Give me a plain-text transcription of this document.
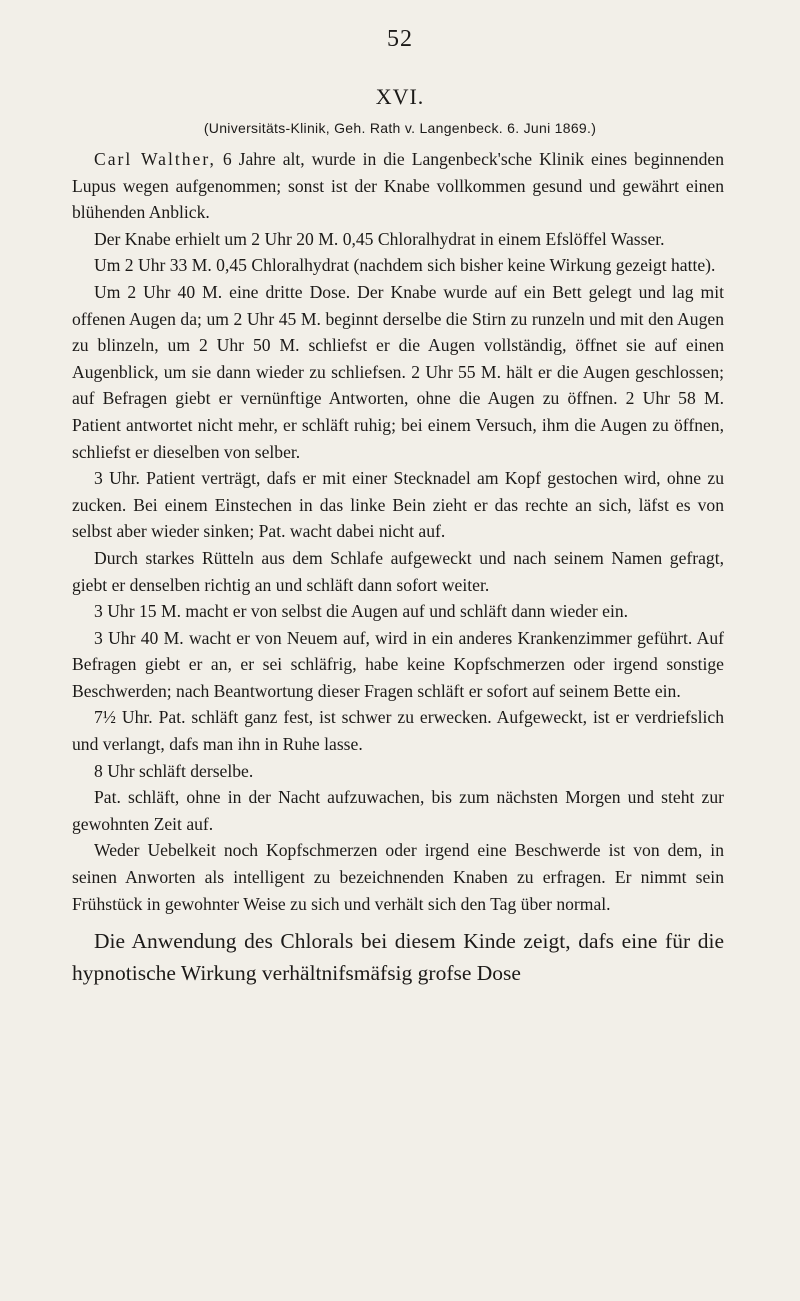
52
XVI.
(Universitäts-Klinik, Geh. Rath v. Langenbeck. 6. Juni 1869.)

Carl Walther, 6 Jahre alt, wurde in die Langenbeck'sche Klinik eines beginnenden Lupus wegen aufgenommen; sonst ist der Knabe vollkommen gesund und gewährt einen blühenden Anblick.

Der Knabe erhielt um 2 Uhr 20 M. 0,45 Chloralhydrat in einem Efslöffel Wasser.

Um 2 Uhr 33 M. 0,45 Chloralhydrat (nachdem sich bisher keine Wirkung gezeigt hatte).

Um 2 Uhr 40 M. eine dritte Dose. Der Knabe wurde auf ein Bett gelegt und lag mit offenen Augen da; um 2 Uhr 45 M. beginnt derselbe die Stirn zu runzeln und mit den Augen zu blinzeln, um 2 Uhr 50 M. schliefst er die Augen vollständig, öffnet sie auf einen Augenblick, um sie dann wieder zu schliefsen. 2 Uhr 55 M. hält er die Augen geschlossen; auf Befragen giebt er vernünftige Antworten, ohne die Augen zu öffnen. 2 Uhr 58 M. Patient antwortet nicht mehr, er schläft ruhig; bei einem Versuch, ihm die Augen zu öffnen, schliefst er dieselben von selber.

3 Uhr. Patient verträgt, dafs er mit einer Stecknadel am Kopf gestochen wird, ohne zu zucken. Bei einem Einstechen in das linke Bein zieht er das rechte an sich, läfst es von selbst aber wieder sinken; Pat. wacht dabei nicht auf.

Durch starkes Rütteln aus dem Schlafe aufgeweckt und nach seinem Namen gefragt, giebt er denselben richtig an und schläft dann sofort weiter.

3 Uhr 15 M. macht er von selbst die Augen auf und schläft dann wieder ein.

3 Uhr 40 M. wacht er von Neuem auf, wird in ein anderes Krankenzimmer geführt. Auf Befragen giebt er an, er sei schläfrig, habe keine Kopfschmerzen oder irgend sonstige Beschwerden; nach Beantwortung dieser Fragen schläft er sofort auf seinem Bette ein.

7½ Uhr. Pat. schläft ganz fest, ist schwer zu erwecken. Aufgeweckt, ist er verdriefslich und verlangt, dafs man ihn in Ruhe lasse.

8 Uhr schläft derselbe.

Pat. schläft, ohne in der Nacht aufzuwachen, bis zum nächsten Morgen und steht zur gewohnten Zeit auf.

Weder Uebelkeit noch Kopfschmerzen oder irgend eine Beschwerde ist von dem, in seinen Anworten als intelligent zu bezeichnenden Knaben zu erfragen. Er nimmt sein Frühstück in gewohnter Weise zu sich und verhält sich den Tag über normal.

Die Anwendung des Chlorals bei diesem Kinde zeigt, dafs eine für die hypnotische Wirkung verhältnifsmäfsig grofse Dose
